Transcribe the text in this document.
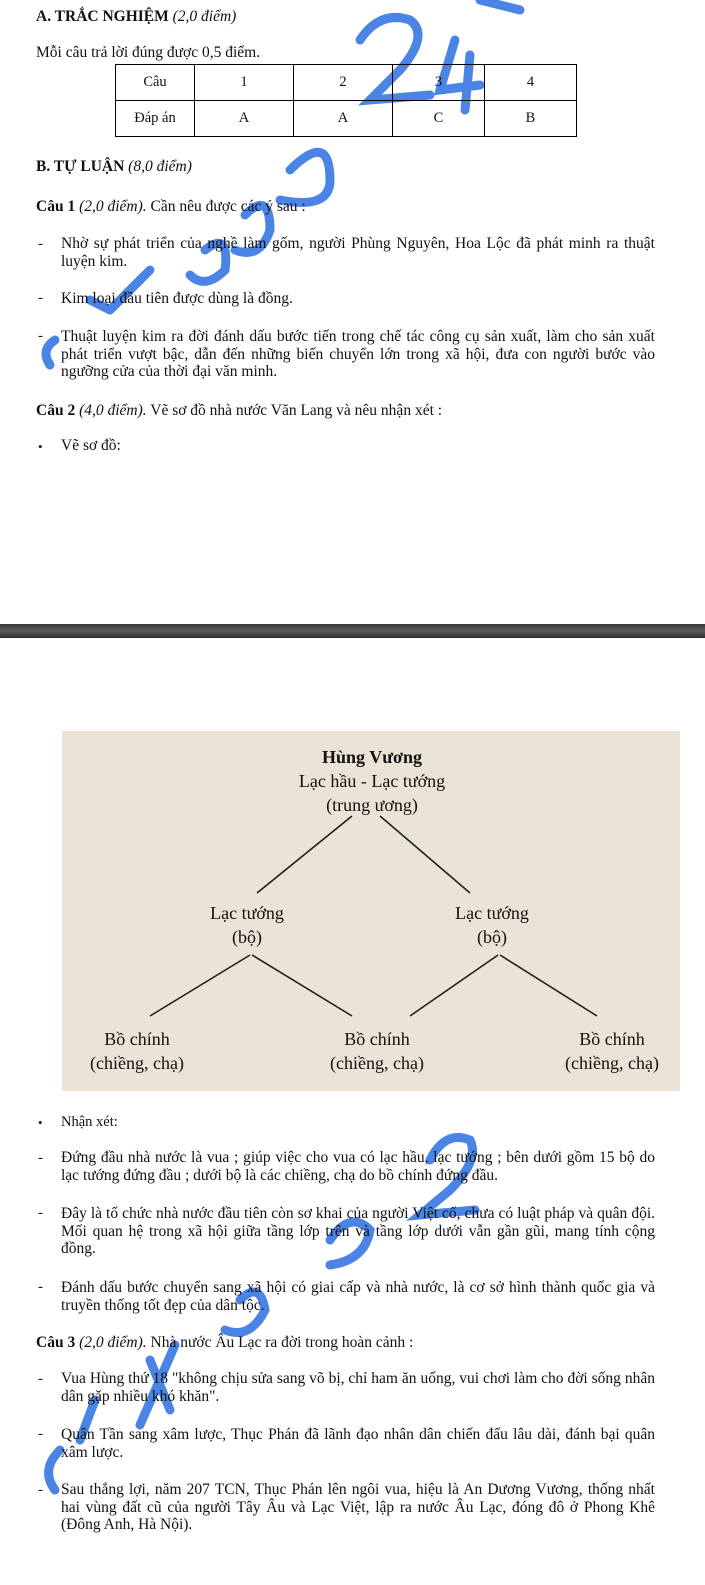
A. TRẮC NGHIỆM (2,0 điểm)
Mỗi câu trả lời đúng được 0,5 điểm.
Câu	1	2	3	4
Đáp án	A	A	C	B
B. TỰ LUẬN (8,0 điểm)
Câu 1 (2,0 điểm). Cần nêu được các ý sau :
- Nhờ sự phát triển của nghề làm gốm, người Phùng Nguyên, Hoa Lộc đã phát minh ra thuật luyện kim.
- Kim loại đầu tiên được dùng là đồng.
- Thuật luyện kim ra đời đánh dấu bước tiến trong chế tác công cụ sản xuất, làm cho sản xuất phát triển vượt bậc, dẫn đến những biến chuyển lớn trong xã hội, đưa con người bước vào ngưỡng cửa của thời đại văn minh.
Câu 2 (4,0 điểm). Vẽ sơ đồ nhà nước Văn Lang và nêu nhận xét :
• Vẽ sơ đồ:
Hùng Vương
Lạc hầu - Lạc tướng
(trung ương)
Lạc tướng
(bộ)
Lạc tướng
(bộ)
Bồ chính
(chiềng, chạ)
Bồ chính
(chiềng, chạ)
Bồ chính
(chiềng, chạ)
• Nhận xét:
- Đứng đầu nhà nước là vua ; giúp việc cho vua có lạc hầu, lạc tướng ; bên dưới gồm 15 bộ do lạc tướng đứng đầu ; dưới bộ là các chiềng, chạ do bồ chính đứng đầu.
- Đây là tổ chức nhà nước đầu tiên còn sơ khai của người Việt cổ, chưa có luật pháp và quân đội. Mối quan hệ trong xã hội giữa tầng lớp trên và tầng lớp dưới vẫn gần gũi, mang tính cộng đồng.
- Đánh dấu bước chuyển sang xã hội có giai cấp và nhà nước, là cơ sở hình thành quốc gia và truyền thống tốt đẹp của dân tộc.
Câu 3 (2,0 điểm). Nhà nước Âu Lạc ra đời trong hoàn cảnh :
- Vua Hùng thứ 18 "không chịu sửa sang võ bị, chỉ ham ăn uống, vui chơi làm cho đời sống nhân dân gặp nhiều khó khăn".
- Quân Tần sang xâm lược, Thục Phán đã lãnh đạo nhân dân chiến đấu lâu dài, đánh bại quân xâm lược.
- Sau thắng lợi, năm 207 TCN, Thục Phán lên ngôi vua, hiệu là An Dương Vương, thống nhất hai vùng đất cũ của người Tây Âu và Lạc Việt, lập ra nước Âu Lạc, đóng đô ở Phong Khê (Đông Anh, Hà Nội).
